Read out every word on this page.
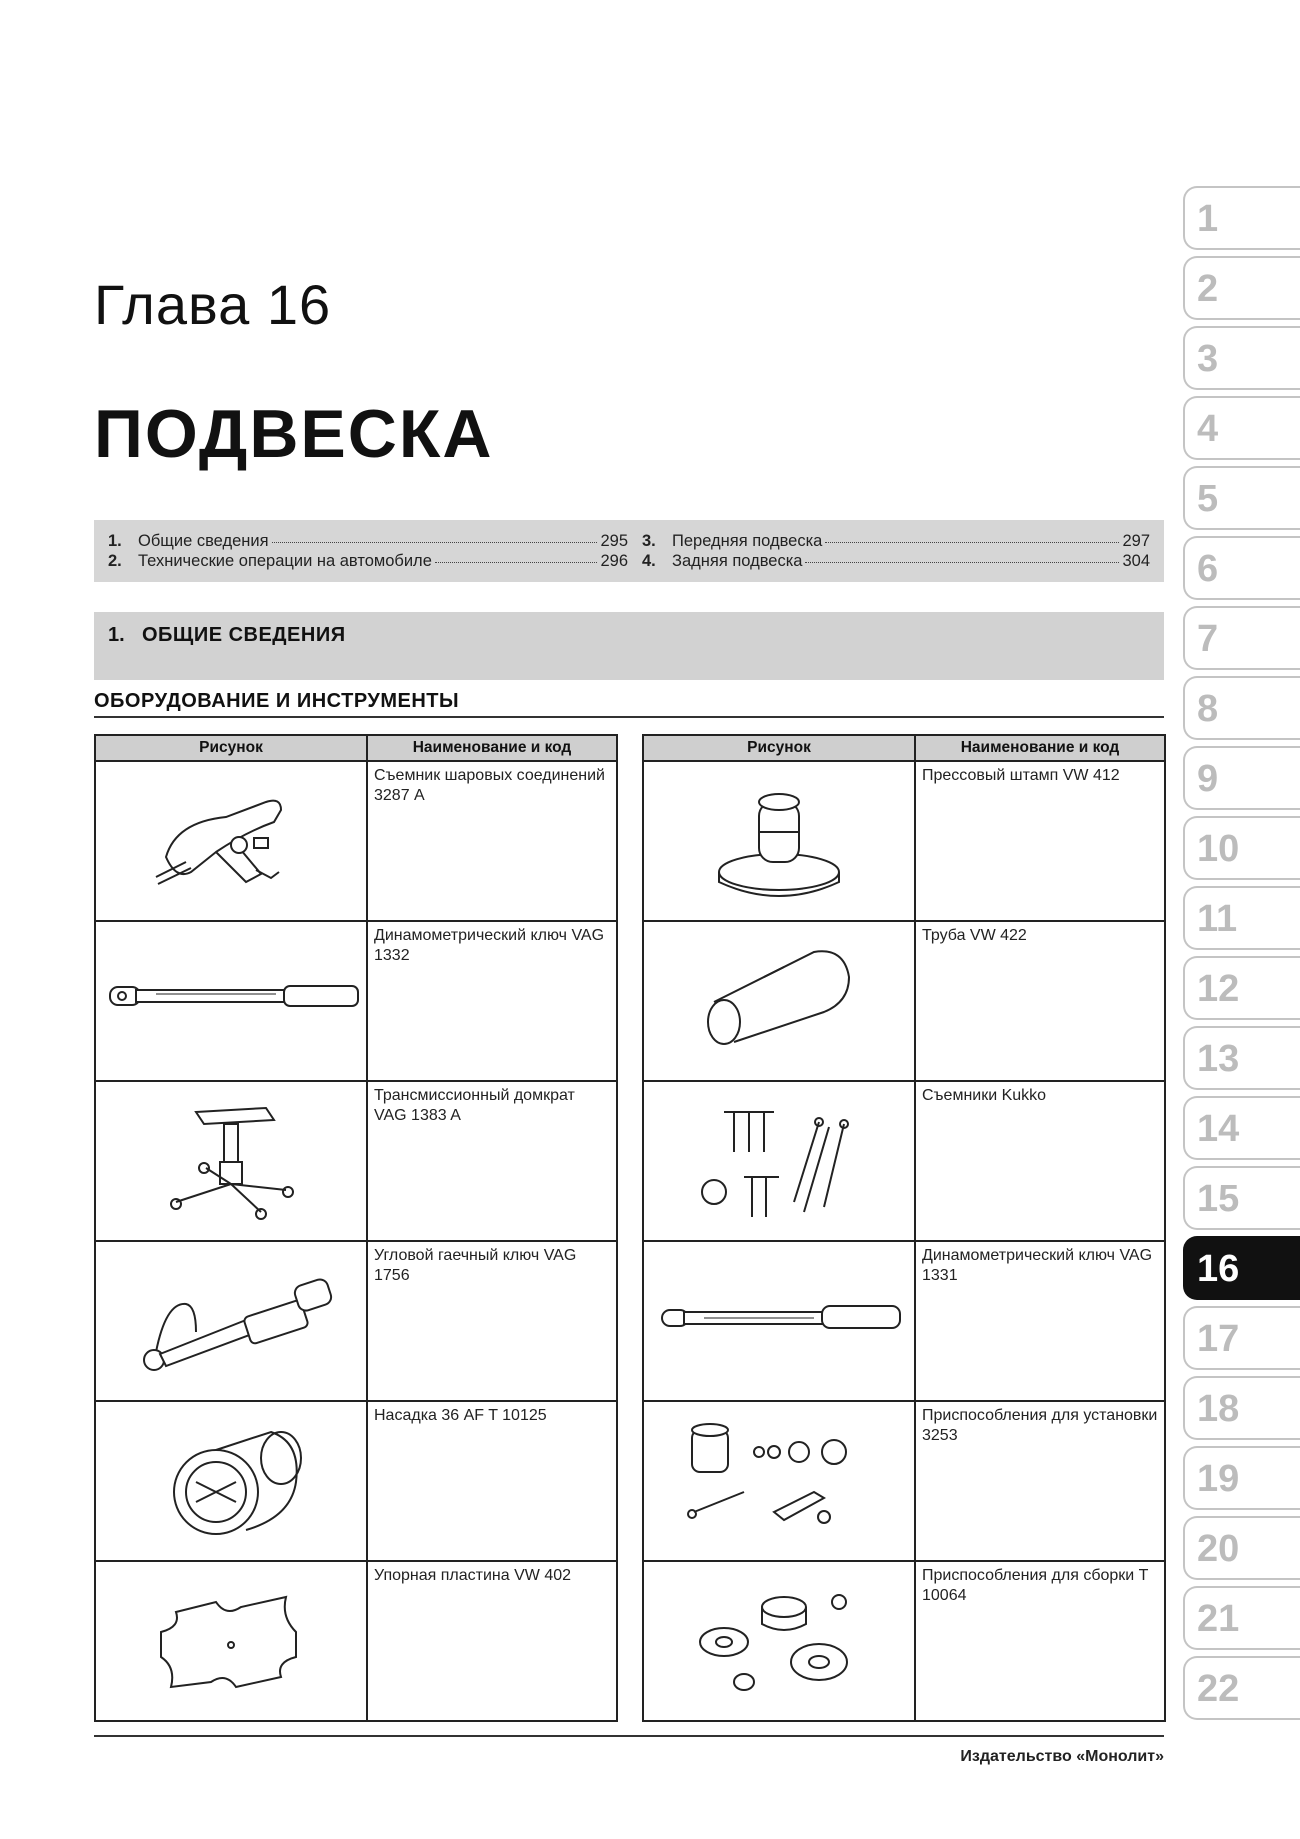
Глава 16
ПОДВЕСКА
1. Общие сведения	295
2. Технические операции на автомобиле	296
3. Передняя подвеска	297
4. Задняя подвеска	304
1. ОБЩИЕ СВЕДЕНИЯ
ОБОРУДОВАНИЕ И ИНСТРУМЕНТЫ
Рисунок	Наименование и код

	Съемник шаровых соединений 3287 A

	Динамометрический ключ VAG 1332

	Трансмиссионный домкрат VAG 1383 A

	Угловой гаечный ключ VAG 1756

	Насадка 36 AF T 10125

	Упорная пластина VW 402
Рисунок	Наименование и код

	Прессовый штамп VW 412

	Труба VW 422

	Съемники Kukko

	Динамометрический ключ VAG 1331

	Приспособления для установки 3253

	Приспособления для сборки T 10064
1
2
3
4
5
6
7
8
9
10
11
12
13
14
15
16
17
18
19
20
21
22
Издательство «Монолит»
